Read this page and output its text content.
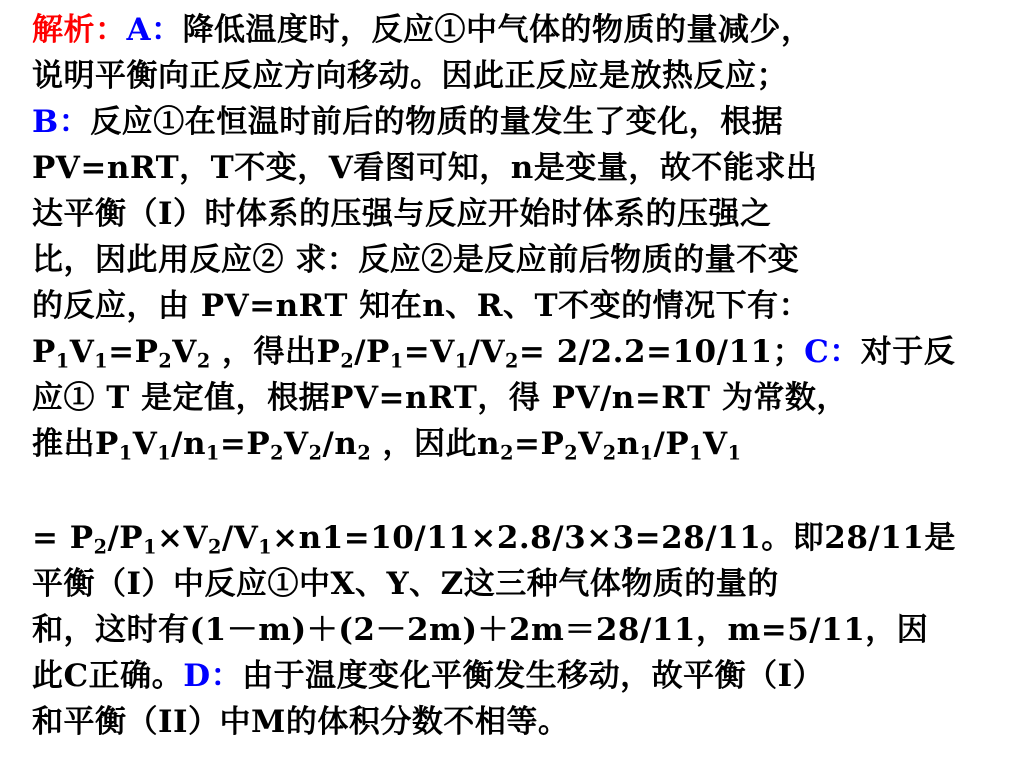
解析：A：降低温度时，反应①中气体的物质的量减少，
说明平衡向正反应方向移动。因此正反应是放热反应；
B：反应①在恒温时前后的物质的量发生了变化，根据
PV=nRT，T不变，V看图可知，n是变量，故不能求出
达平衡（I）时体系的压强与反应开始时体系的压强之
比，因此用反应② 求：反应②是反应前后物质的量不变
的反应，由 PV=nRT 知在n、R、T不变的情况下有：
$P_1V_1=P_2V_2$ ，得出$P_2/P_1=V_1/V_2= 2/2.2=10/11$；C：对于反
应① T 是定值，根据PV=nRT，得 PV/n=RT 为常数，
推出$P_1V_1/n_1=P_2V_2/n_2$ ，因此$n_2=P_2V_2n_1/P_1V_1$
= $P_2/P_1\times V_2/V_1\times n1=10/11\times 2.8/3\times 3=28/11$。即28/11是
平衡（I）中反应①中X、Y、Z这三种气体物质的量的
和，这时有(1－m)＋(2－2m)＋2m＝28/11，m=5/11，因
此C正确。D：由于温度变化平衡发生移动，故平衡（I）
和平衡（II）中M的体积分数不相等。
